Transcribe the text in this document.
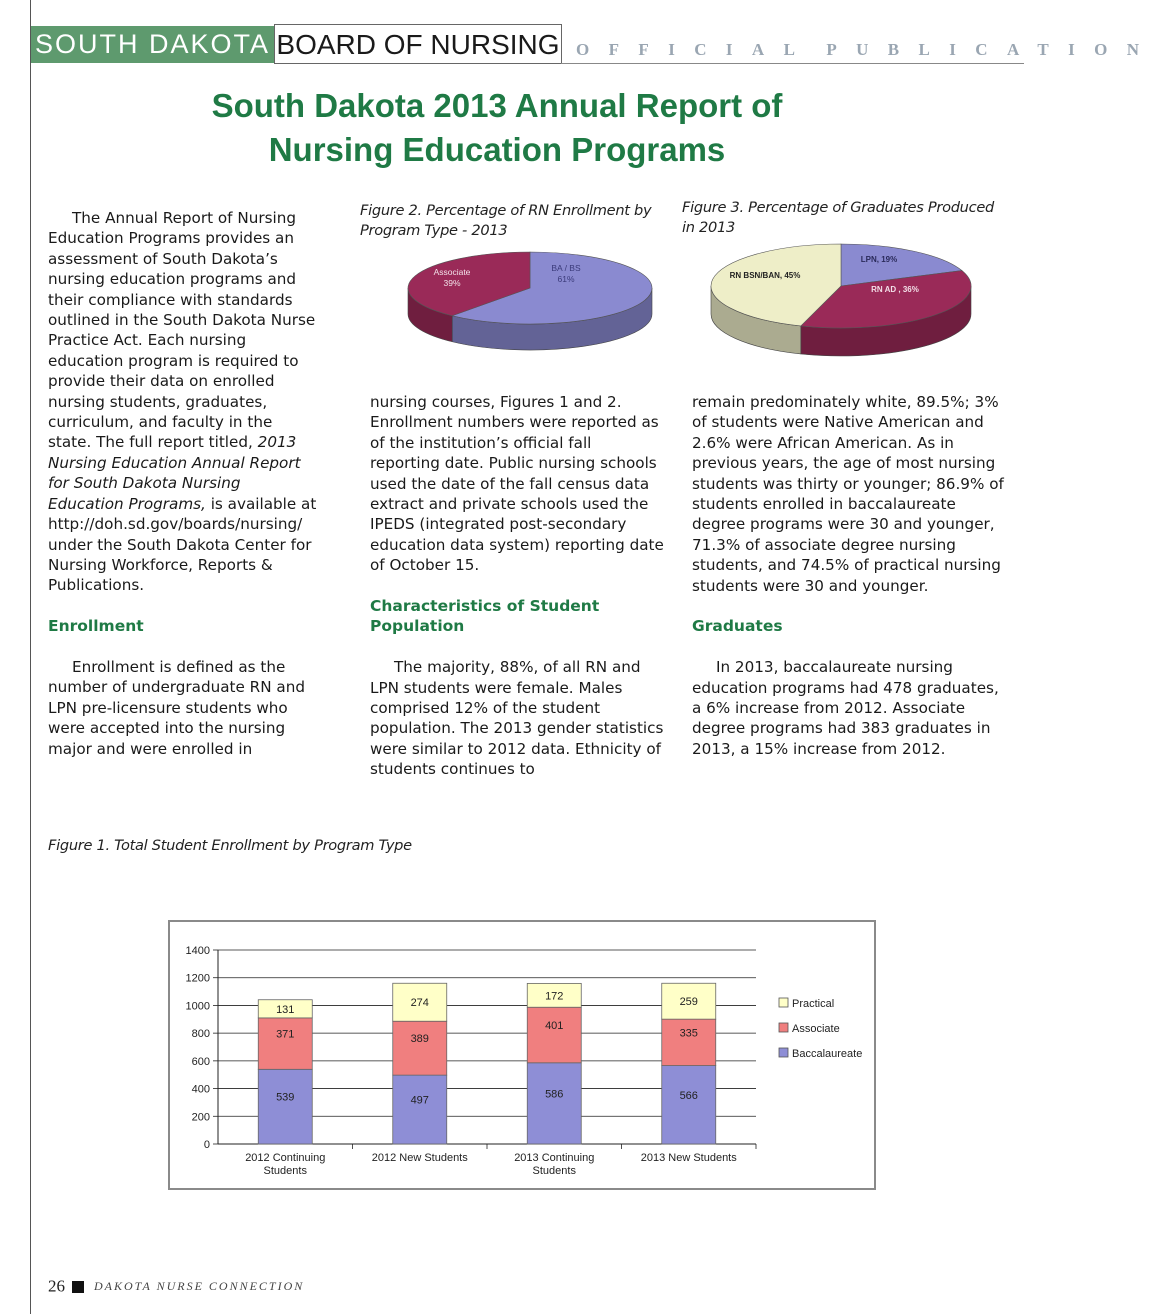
SOUTH DAKOTA BOARD OF NURSING OFFICIAL PUBLICATION
South Dakota 2013 Annual Report of
Nursing Education Programs

The Annual Report of Nursing Education Programs provides an assessment of South Dakota’s nursing education programs and their compliance with standards outlined in the South Dakota Nurse Practice Act. Each nursing education program is required to provide their data on enrolled nursing students, graduates, curriculum, and faculty in the state. The full report titled, 2013 Nursing Education Annual Report for South Dakota Nursing Education Programs, is available at http://doh.sd.gov/boards/nursing/ under the South Dakota Center for Nursing Workforce, Reports & Publications.

Enrollment

Enrollment is defined as the number of undergraduate RN and LPN pre-licensure students who were accepted into the nursing major and were enrolled in

nursing courses, Figures 1 and 2. Enrollment numbers were reported as of the institution’s official fall reporting date. Public nursing schools used the date of the fall census data extract and private schools used the IPEDS (integrated post-secondary education data system) reporting date of October 15.

Characteristics of Student Population

The majority, 88%, of all RN and LPN students were female. Males comprised 12% of the student population. The 2013 gender statistics were similar to 2012 data. Ethnicity of students continues to

remain predominately white, 89.5%; 3% of students were Native American and 2.6% were African American. As in previous years, the age of most nursing students was thirty or younger; 86.9% of students enrolled in baccalaureate degree programs were 30 and younger, 71.3% of associate degree nursing students, and 74.5% of practical nursing students were 30 and younger.

Graduates

In 2013, baccalaureate nursing education programs had 478 graduates, a 6% increase from 2012. Associate degree programs had 383 graduates in 2013, a 15% increase from 2012.

Figure 2. Percentage of RN Enrollment by Program Type - 2013
Figure 3. Percentage of Graduates Produced in 2013
Figure 1. Total Student Enrollment by Program Type
39%
BA / BS
61%
Associate
LPN, 19%
RN AD , 36%
RN BSN/BAN, 45%
0
200
400
600
800
1000
1200
1400
539
371
131
2012 Continuing
Students
497
389
274
2012 New Students
586
401
172
2013 Continuing
Students
566
335
259
2013 New Students
Practical
Associate
Baccalaureate
26 DAKOTA NURSE CONNECTION
